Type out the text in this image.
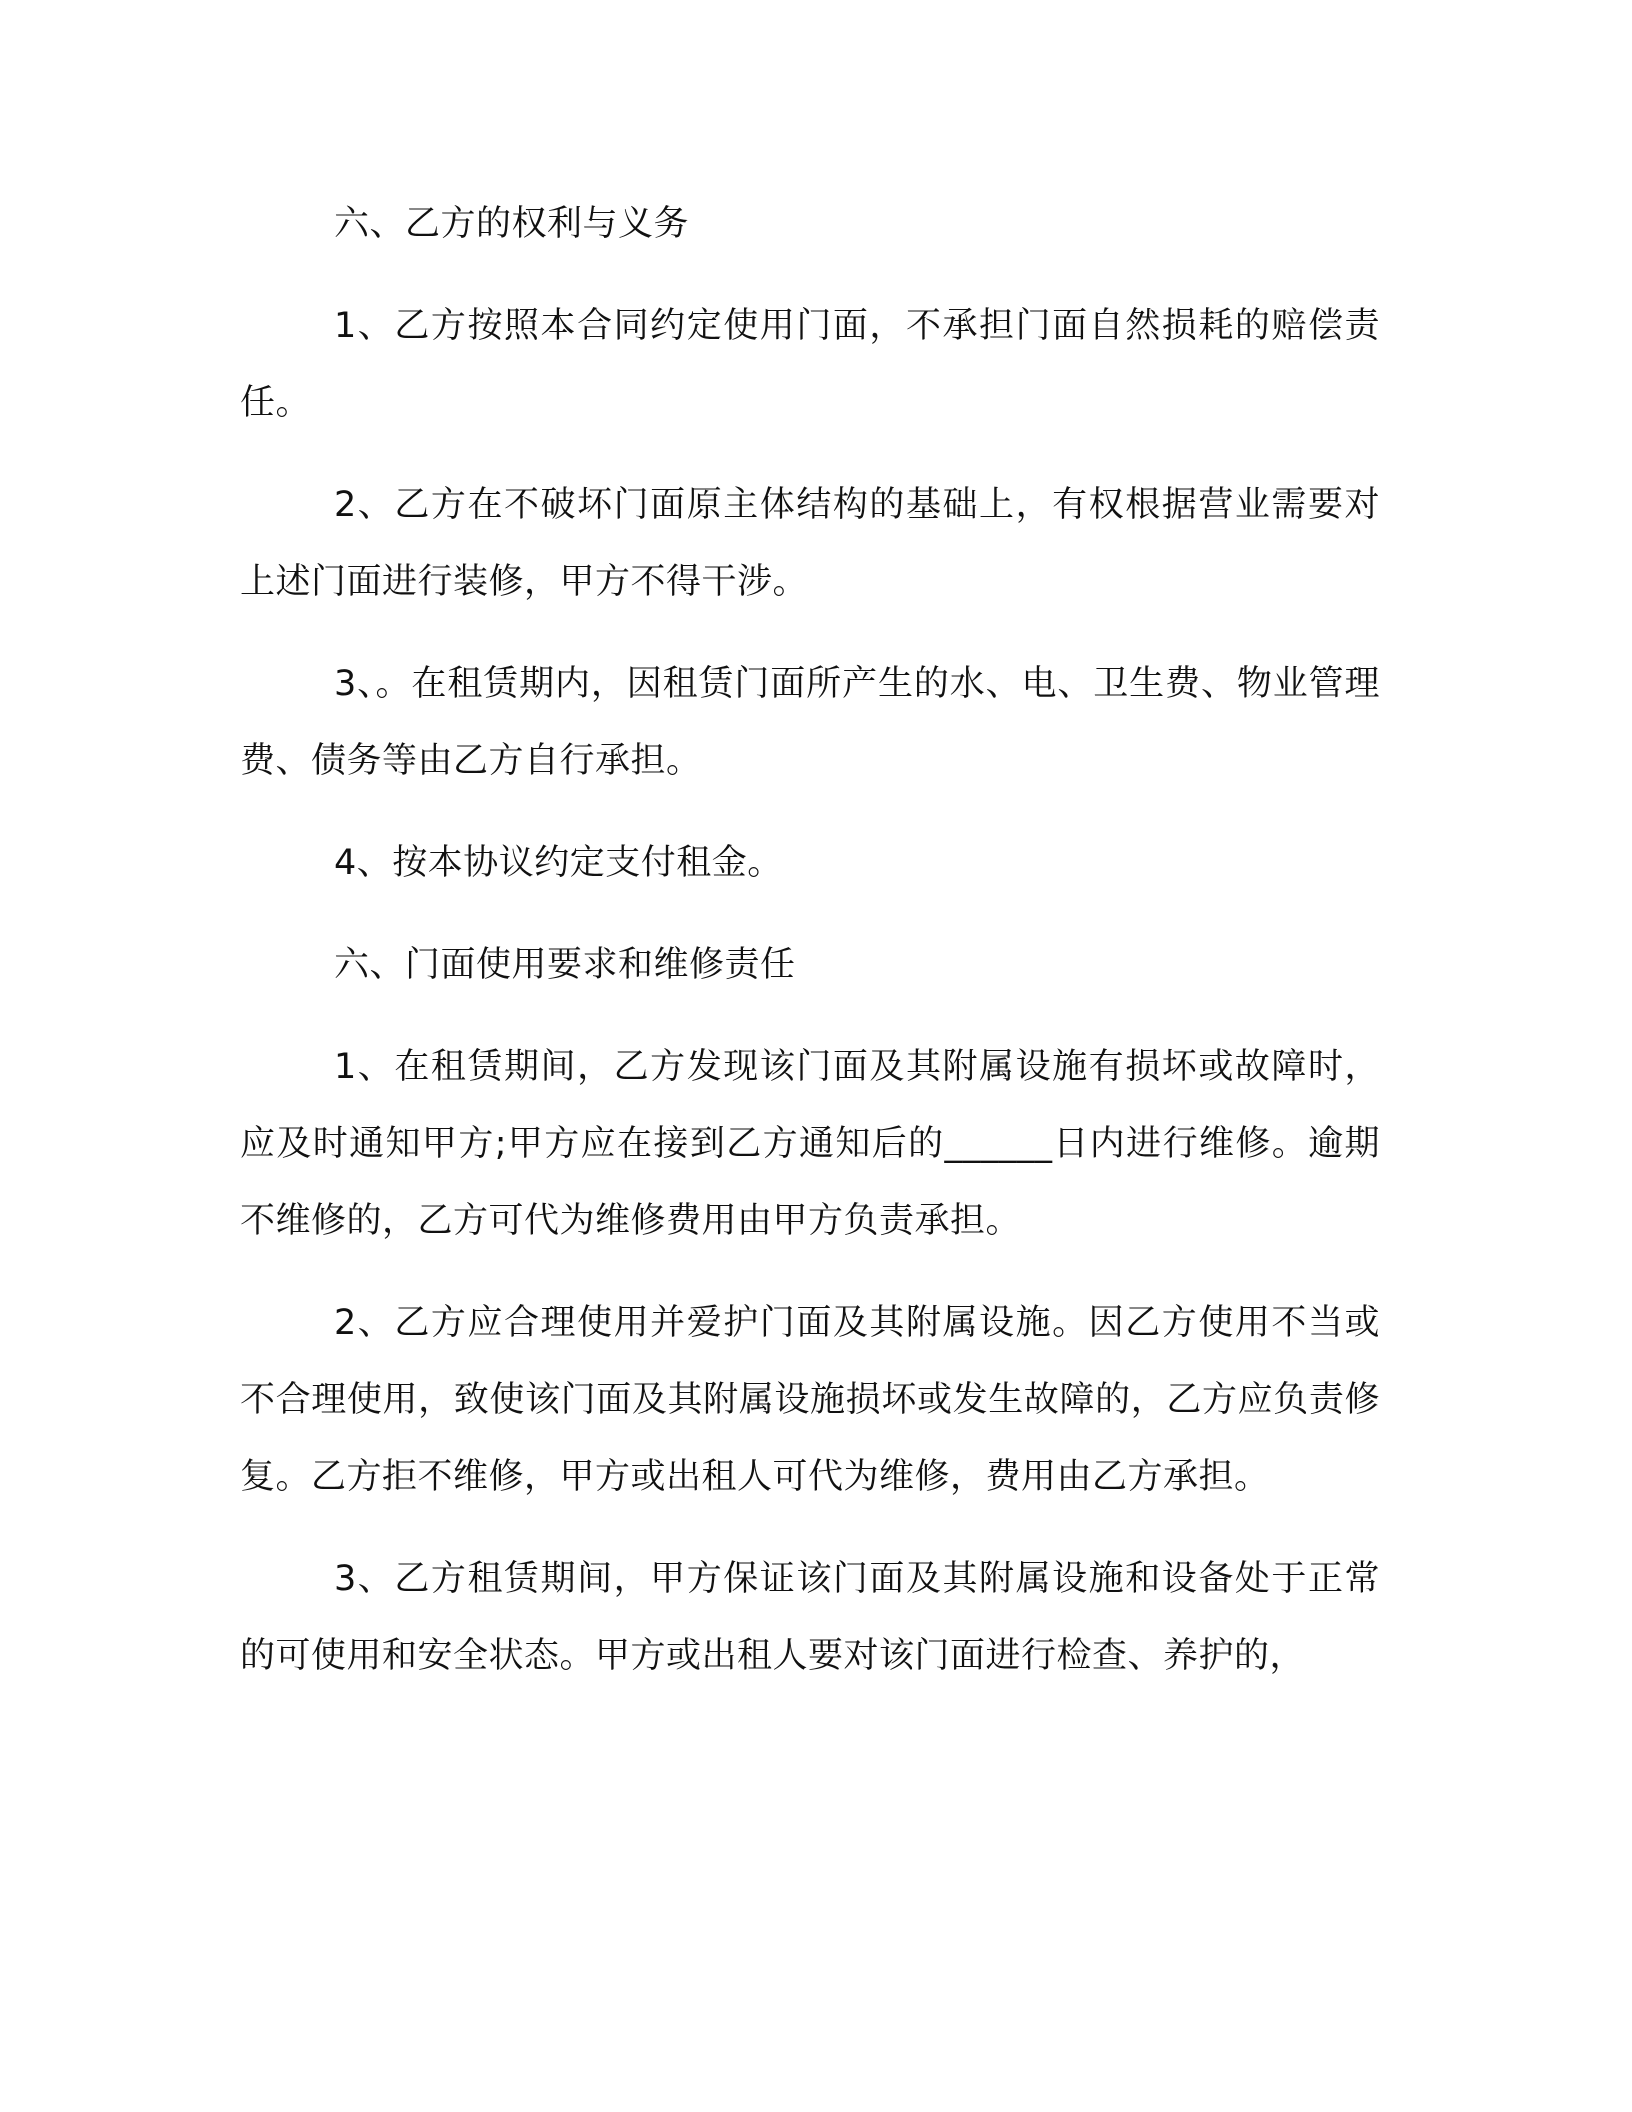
六、乙方的权利与义务

1、乙方按照本合同约定使用门面，不承担门面自然损耗的赔偿责任。

2、乙方在不破坏门面原主体结构的基础上，有权根据营业需要对上述门面进行装修，甲方不得干涉。

3、。在租赁期内，因租赁门面所产生的水、电、卫生费、物业管理费、债务等由乙方自行承担。

4、按本协议约定支付租金。

六、门面使用要求和维修责任

1、在租赁期间，乙方发现该门面及其附属设施有损坏或故障时，应及时通知甲方;甲方应在接到乙方通知后的______日内进行维修。逾期不维修的，乙方可代为维修费用由甲方负责承担。

2、乙方应合理使用并爱护门面及其附属设施。因乙方使用不当或不合理使用，致使该门面及其附属设施损坏或发生故障的，乙方应负责修复。乙方拒不维修，甲方或出租人可代为维修，费用由乙方承担。

3、乙方租赁期间，甲方保证该门面及其附属设施和设备处于正常的可使用和安全状态。甲方或出租人要对该门面进行检查、养护的，
